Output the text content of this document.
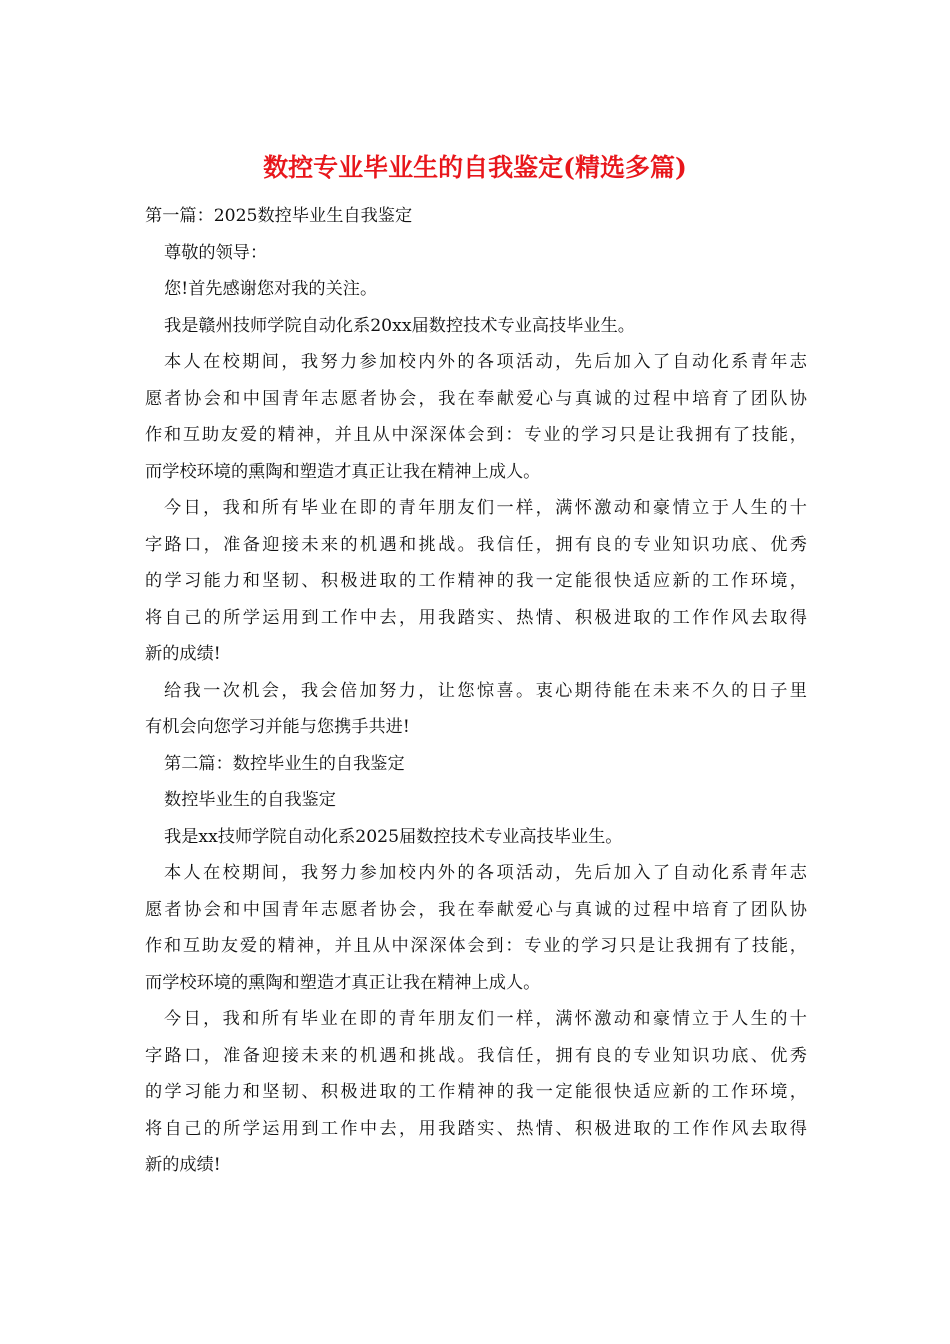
数控专业毕业生的自我鉴定(精选多篇)
第一篇：2025数控毕业生自我鉴定
尊敬的领导：
您!首先感谢您对我的关注。
我是赣州技师学院自动化系20xx届数控技术专业高技毕业生。
本人在校期间，我努力参加校内外的各项活动，先后加入了自动化系青年志
愿者协会和中国青年志愿者协会，我在奉献爱心与真诚的过程中培育了团队协
作和互助友爱的精神，并且从中深深体会到：专业的学习只是让我拥有了技能，
而学校环境的熏陶和塑造才真正让我在精神上成人。
今日，我和所有毕业在即的青年朋友们一样，满怀激动和豪情立于人生的十
字路口，准备迎接未来的机遇和挑战。我信任，拥有良的专业知识功底、优秀
的学习能力和坚韧、积极进取的工作精神的我一定能很快适应新的工作环境，
将自己的所学运用到工作中去，用我踏实、热情、积极进取的工作作风去取得
新的成绩!
给我一次机会，我会倍加努力，让您惊喜。衷心期待能在未来不久的日子里
有机会向您学习并能与您携手共进!
第二篇：数控毕业生的自我鉴定
数控毕业生的自我鉴定
我是xx技师学院自动化系2025届数控技术专业高技毕业生。
本人在校期间，我努力参加校内外的各项活动，先后加入了自动化系青年志
愿者协会和中国青年志愿者协会，我在奉献爱心与真诚的过程中培育了团队协
作和互助友爱的精神，并且从中深深体会到：专业的学习只是让我拥有了技能，
而学校环境的熏陶和塑造才真正让我在精神上成人。
今日，我和所有毕业在即的青年朋友们一样，满怀激动和豪情立于人生的十
字路口，准备迎接未来的机遇和挑战。我信任，拥有良的专业知识功底、优秀
的学习能力和坚韧、积极进取的工作精神的我一定能很快适应新的工作环境，
将自己的所学运用到工作中去，用我踏实、热情、积极进取的工作作风去取得
新的成绩!
